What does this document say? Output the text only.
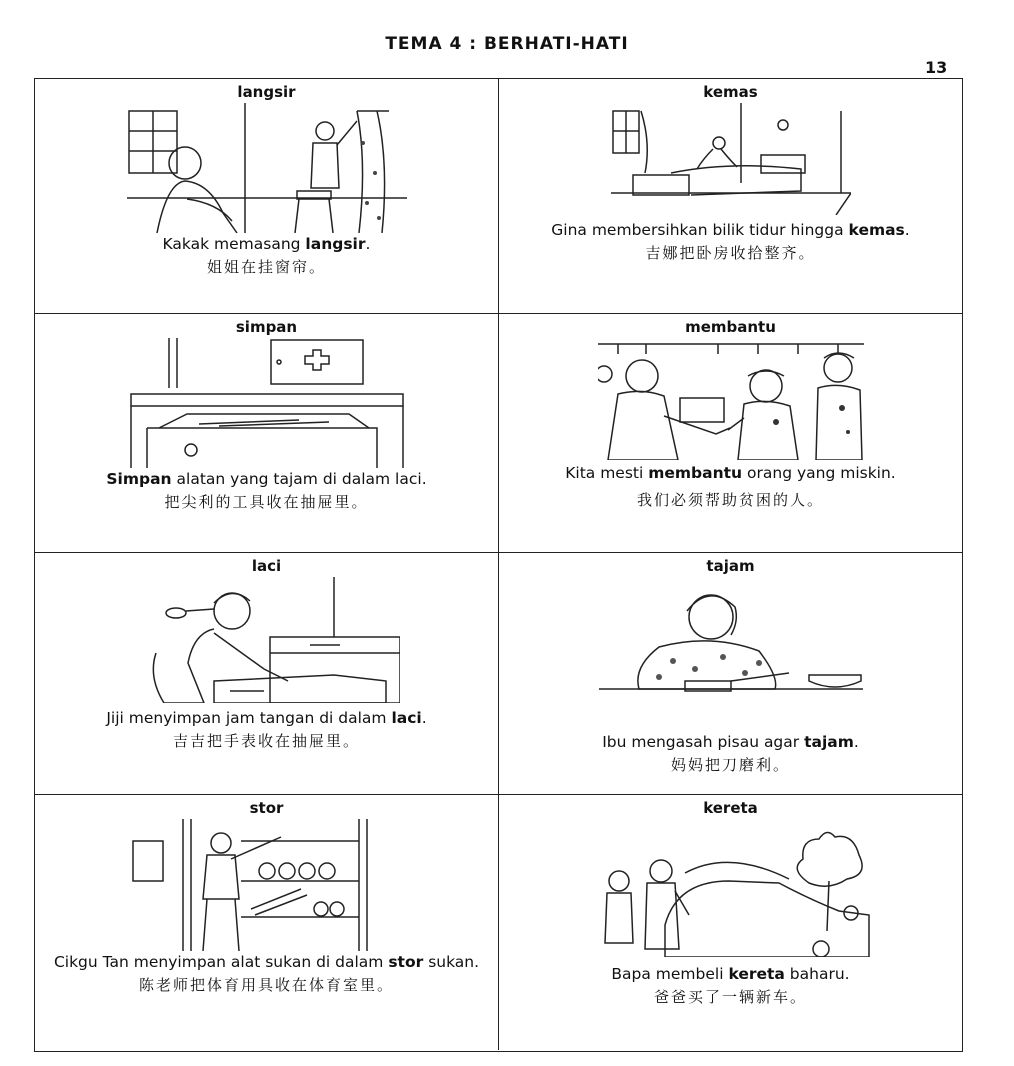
TEMA 4 : BERHATI-HATI
13
langsir
Kakak memasang langsir.
姐姐在挂窗帘。
kemas
Gina membersihkan bilik tidur hingga kemas.
吉娜把卧房收拾整齐。
simpan
Simpan alatan yang tajam di dalam laci.
把尖利的工具收在抽屉里。
membantu
Kita mesti membantu orang yang miskin.
我们必须帮助贫困的人。
laci
Jiji menyimpan jam tangan di dalam laci.
吉吉把手表收在抽屉里。
tajam
Ibu mengasah pisau agar tajam.
妈妈把刀磨利。
stor
Cikgu Tan menyimpan alat sukan di dalam stor sukan.
陈老师把体育用具收在体育室里。
kereta
Bapa membeli kereta baharu.
爸爸买了一辆新车。
